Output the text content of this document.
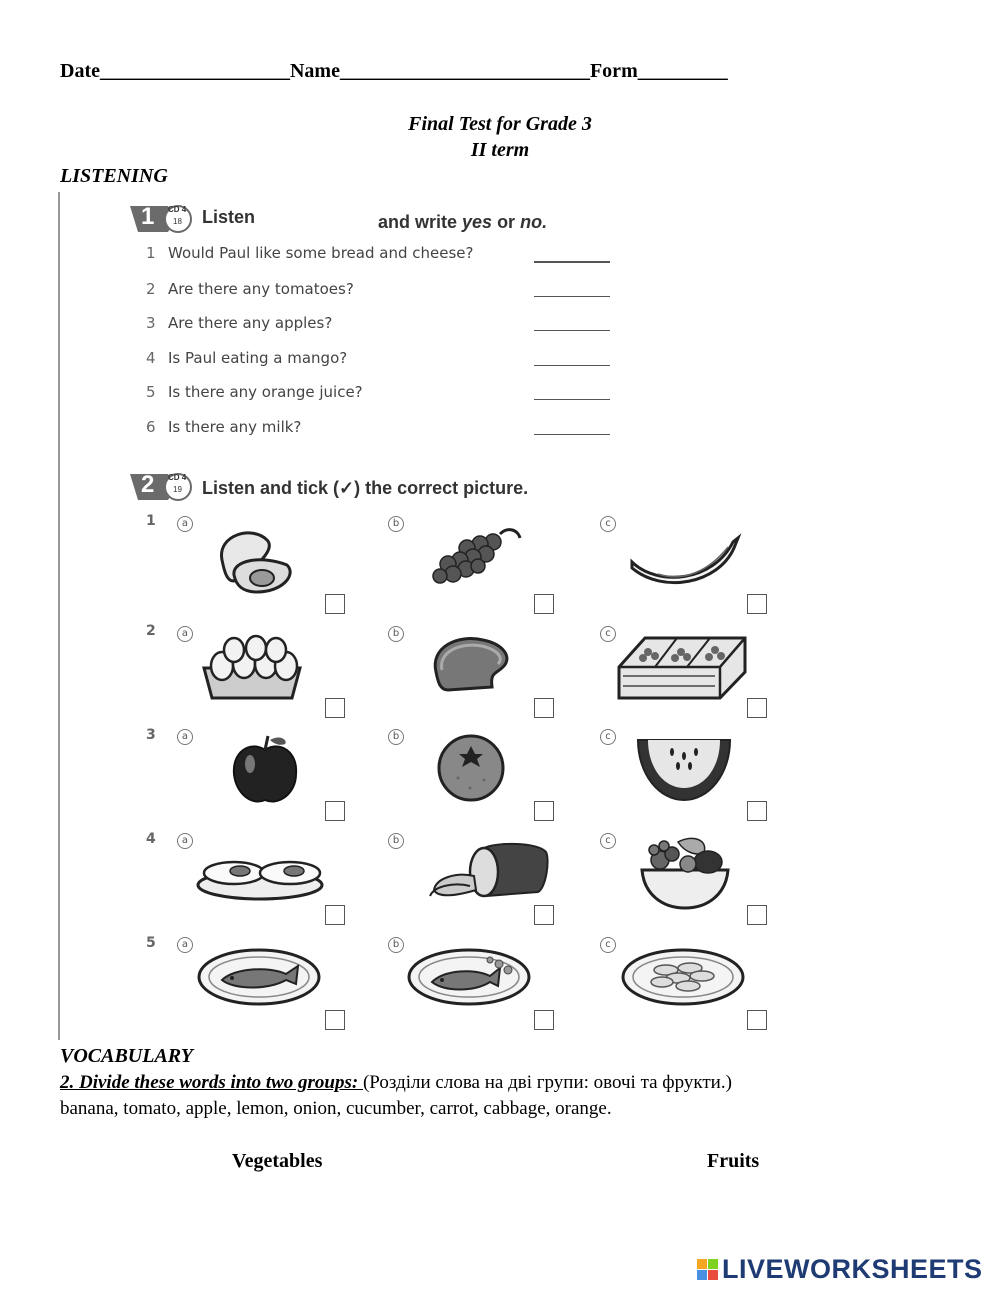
Date___________________Name_________________________Form_________
Final Test for Grade 3
II term
LISTENING
1 CD 4
18 Listen	and write yes or no.
1 Would Paul like some bread and cheese?
2 Are there any tomatoes?
3 Are there any apples?
4 Is Paul eating a mango?
5 Is there any orange juice?
6 Is there any milk?
2 CD 4
19 Listen and tick (✓) the correct picture.
1
2
3
4
5
a	b	c
a	b	c
a	b	c
a	b	c
a	b	c
VOCABULARY
2. Divide these words into two groups: (Розділи слова на дві групи: овочі та фрукти.)
banana, tomato, apple, lemon, onion, cucumber, carrot, cabbage, orange.
Vegetables	Fruits
LIVEWORKSHEETS
